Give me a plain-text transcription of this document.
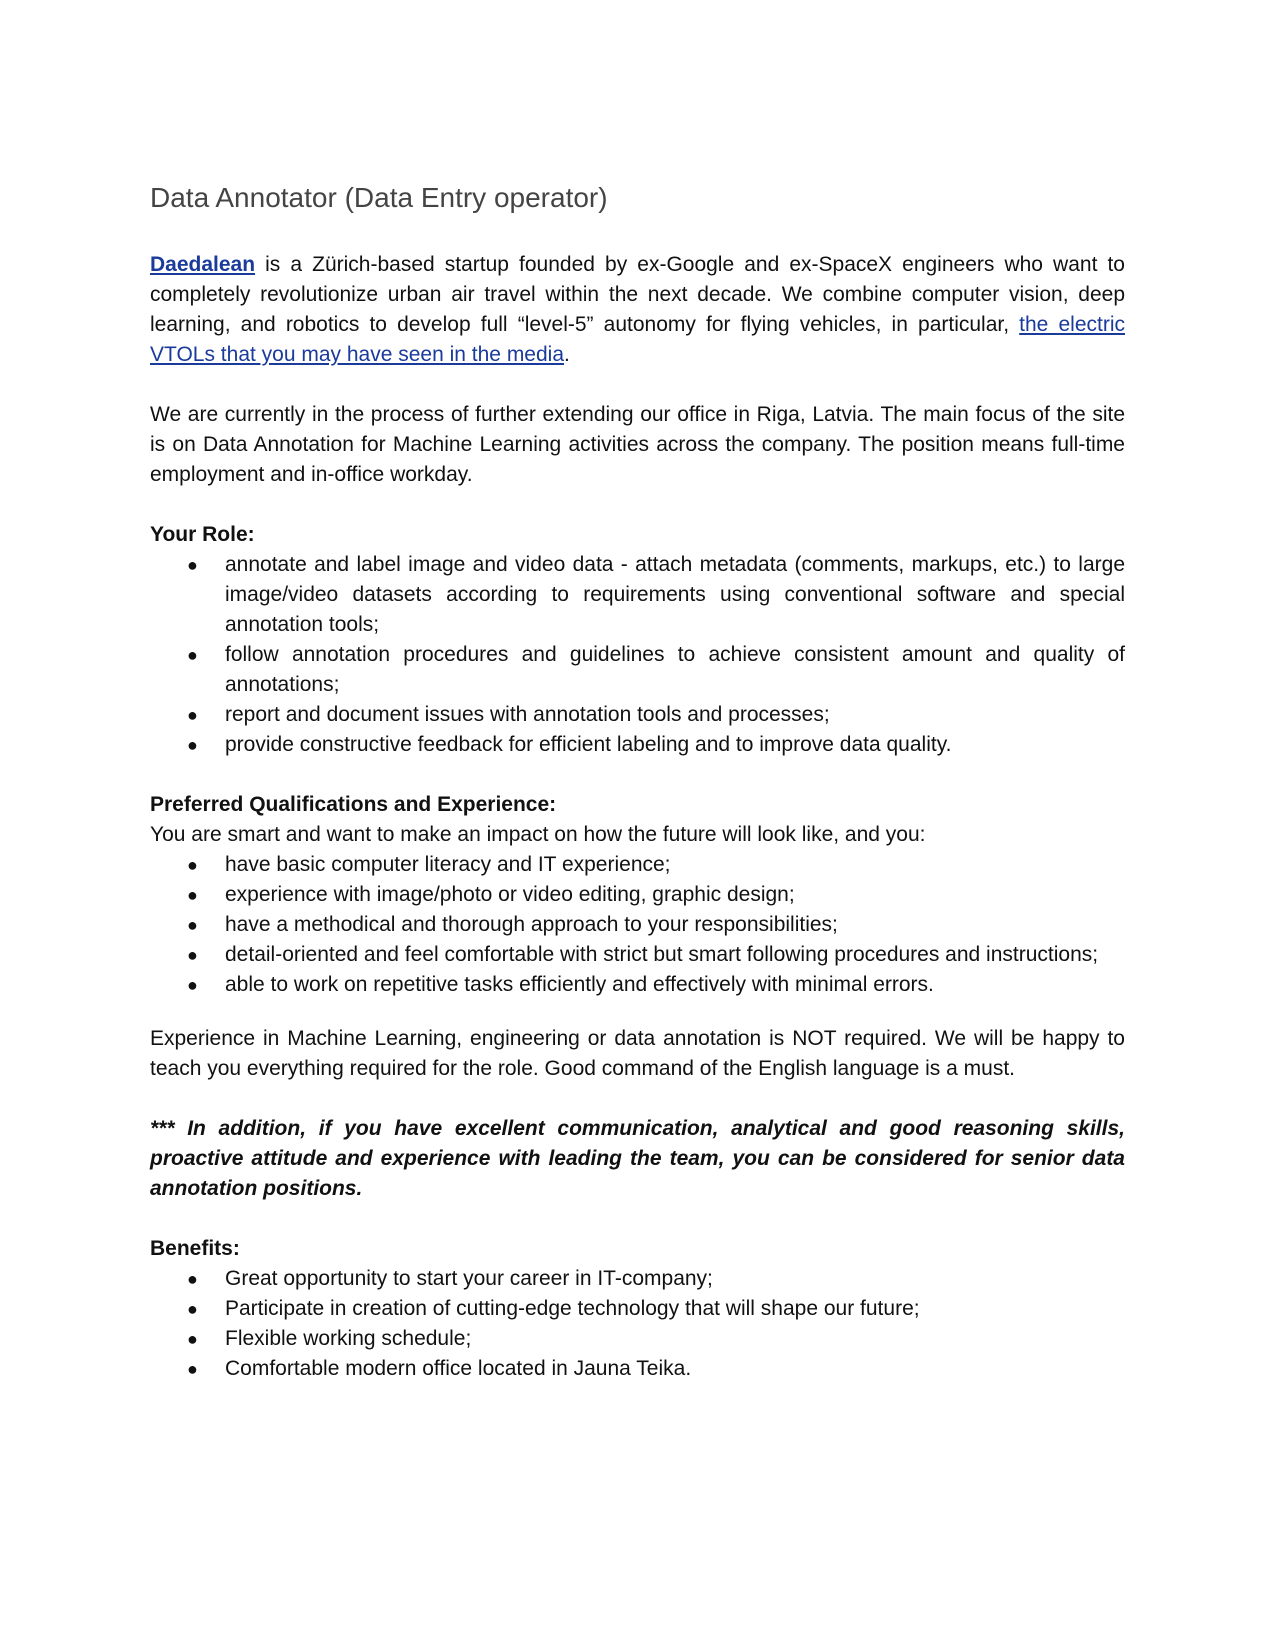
Data Annotator (Data Entry operator)

Daedalean is a Zürich-based startup founded by ex-Google and ex-SpaceX engineers who want to completely revolutionize urban air travel within the next decade. We combine computer vision, deep learning, and robotics to develop full “level-5” autonomy for flying vehicles, in particular, the electric VTOLs that you may have seen in the media.

We are currently in the process of further extending our office in Riga, Latvia. The main focus of the site is on Data Annotation for Machine Learning activities across the company. The position means full-time employment and in-office workday.

Your Role:

● annotate and label image and video data - attach metadata (comments, markups, etc.) to large image/video datasets according to requirements using conventional software and special annotation tools;
● follow annotation procedures and guidelines to achieve consistent amount and quality of annotations;
● report and document issues with annotation tools and processes;
● provide constructive feedback for efficient labeling and to improve data quality.

Preferred Qualifications and Experience:

You are smart and want to make an impact on how the future will look like, and you:

● have basic computer literacy and IT experience;
● experience with image/photo or video editing, graphic design;
● have a methodical and thorough approach to your responsibilities;
● detail-oriented and feel comfortable with strict but smart following procedures and instructions;
● able to work on repetitive tasks efficiently and effectively with minimal errors.

Experience in Machine Learning, engineering or data annotation is NOT required. We will be happy to teach you everything required for the role. Good command of the English language is a must.

*** In addition, if you have excellent communication, analytical and good reasoning skills, proactive attitude and experience with leading the team, you can be considered for senior data annotation positions.

Benefits:

● Great opportunity to start your career in IT-company;
● Participate in creation of cutting-edge technology that will shape our future;
● Flexible working schedule;
● Comfortable modern office located in Jauna Teika.
